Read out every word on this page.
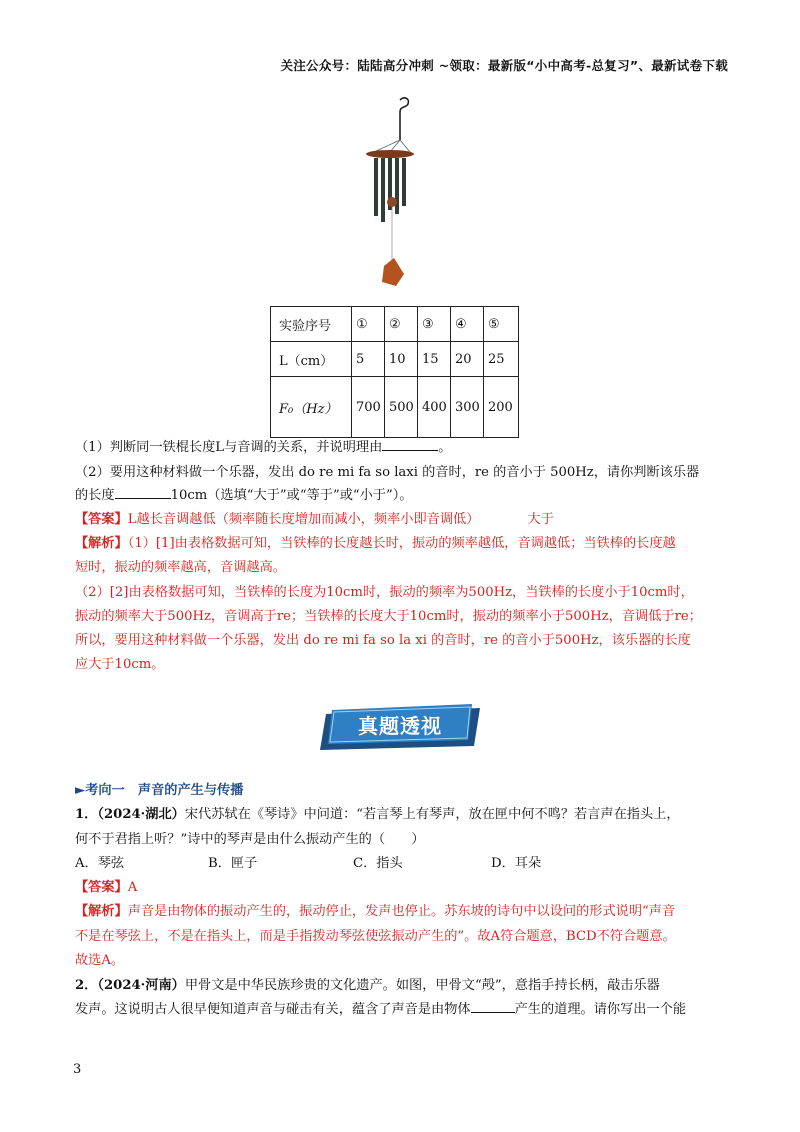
关注公众号：陆陆高分冲刺 ~领取：最新版“小中高考-总复习”、最新试卷下载
实验序号	①	②	③	④	⑤
L（cm）	5	10	15	20	25
F₀（Hz）	700	500	400	300	200
（1）判断同一铁棍长度L与音调的关系，并说明理由	。
（2）要用这种材料做一个乐器，发出 do re mi fa so laxi 的音时，re 的音小于 500Hz，请你判断该乐器
的长度	10cm（选填“大于”或“等于”或“小于”）。
【答案】L越长音调越低（频率随长度增加而减小，频率小即音调低）	大于
【解析】（1）[1]由表格数据可知，当铁棒的长度越长时，振动的频率越低，音调越低；当铁棒的长度越
短时，振动的频率越高，音调越高。
（2）[2]由表格数据可知，当铁棒的长度为10cm时，振动的频率为500Hz，当铁棒的长度小于10cm时，
振动的频率大于500Hz，音调高于re；当铁棒的长度大于10cm时，振动的频率小于500Hz，音调低于re；
所以，要用这种材料做一个乐器，发出 do re mi fa so la xi 的音时，re 的音小于500Hz，该乐器的长度
应大于10cm。
真题透视
►考向一　声音的产生与传播
1．（2024·湖北）宋代苏轼在《琴诗》中问道：“若言琴上有琴声，放在匣中何不鸣？若言声在指头上，
何不于君指上听？”诗中的琴声是由什么振动产生的（　　）
A．琴弦	B．匣子	C．指头	D．耳朵
【答案】A
【解析】声音是由物体的振动产生的，振动停止，发声也停止。苏东坡的诗句中以设问的形式说明“声音
不是在琴弦上，不是在指头上，而是手指拨动琴弦使弦振动产生的”。故A符合题意，BCD不符合题意。
故选A。
2．（2024·河南）甲骨文是中华民族珍贵的文化遗产。如图，甲骨文“殸”，意指手持长柄，敲击乐器
发声。这说明古人很早便知道声音与碰击有关，蕴含了声音是由物体	产生的道理。请你写出一个能
3
